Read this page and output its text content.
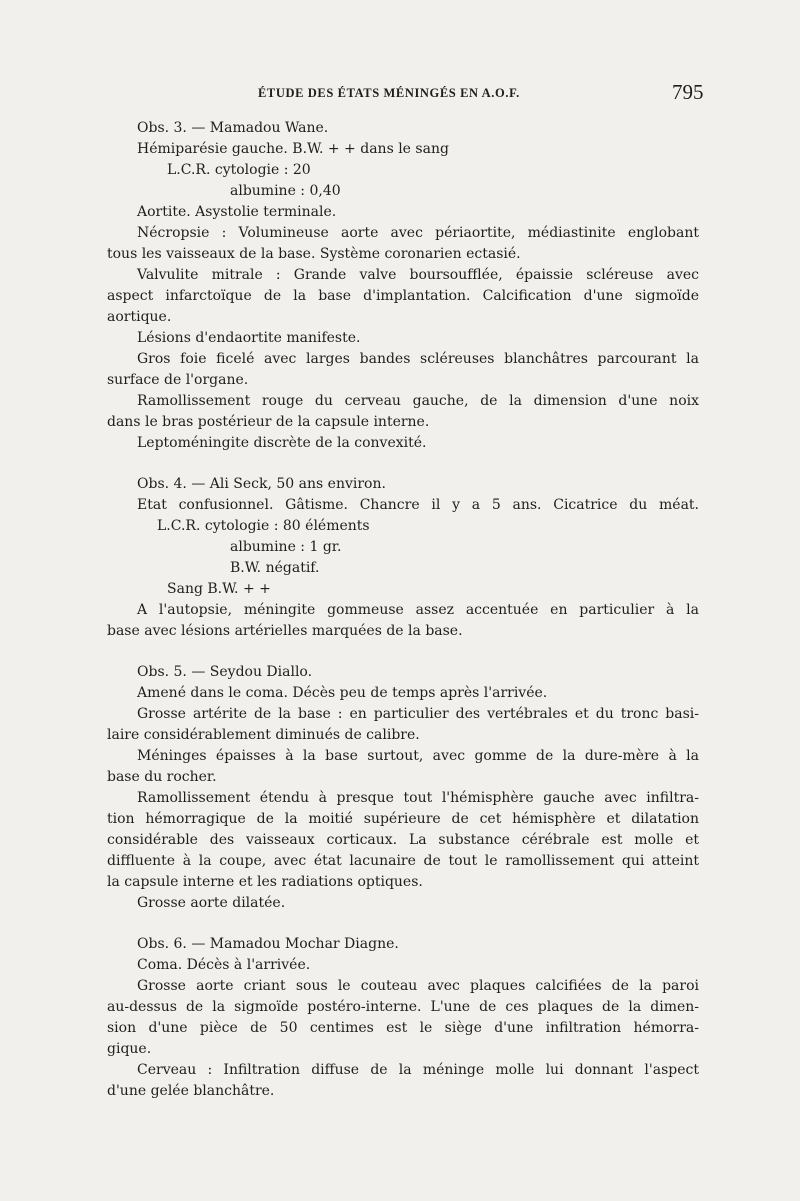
ÉTUDE DES ÉTATS MÉNINGÉS EN A.O.F.	795
Obs. 3. — Mamadou Wane.
Hémiparésie gauche. B.W. + + dans le sang
L.C.R. cytologie : 20
albumine : 0,40
Aortite. Asystolie terminale.
Nécropsie : Volumineuse aorte avec périaortite, médiastinite englobant
tous les vaisseaux de la base. Système coronarien ectasié.
Valvulite mitrale : Grande valve boursoufflée, épaissie scléreuse avec
aspect infarctoïque de la base d'implantation. Calcification d'une sigmoïde
aortique.
Lésions d'endaortite manifeste.
Gros foie ficelé avec larges bandes scléreuses blanchâtres parcourant la
surface de l'organe.
Ramollissement rouge du cerveau gauche, de la dimension d'une noix
dans le bras postérieur de la capsule interne.
Leptoméningite discrète de la convexité.
Obs. 4. — Ali Seck, 50 ans environ.
Etat confusionnel. Gâtisme. Chancre il y a 5 ans. Cicatrice du méat.
L.C.R. cytologie : 80 éléments
albumine : 1 gr.
B.W. négatif.
Sang B.W. + +
A l'autopsie, méningite gommeuse assez accentuée en particulier à la
base avec lésions artérielles marquées de la base.
Obs. 5. — Seydou Diallo.
Amené dans le coma. Décès peu de temps après l'arrivée.
Grosse artérite de la base : en particulier des vertébrales et du tronc basi-
laire considérablement diminués de calibre.
Méninges épaisses à la base surtout, avec gomme de la dure-mère à la
base du rocher.
Ramollissement étendu à presque tout l'hémisphère gauche avec infiltra-
tion hémorragique de la moitié supérieure de cet hémisphère et dilatation
considérable des vaisseaux corticaux. La substance cérébrale est molle et
diffluente à la coupe, avec état lacunaire de tout le ramollissement qui atteint
la capsule interne et les radiations optiques.
Grosse aorte dilatée.
Obs. 6. — Mamadou Mochar Diagne.
Coma. Décès à l'arrivée.
Grosse aorte criant sous le couteau avec plaques calcifiées de la paroi
au-dessus de la sigmoïde postéro-interne. L'une de ces plaques de la dimen-
sion d'une pièce de 50 centimes est le siège d'une infiltration hémorra-
gique.
Cerveau : Infiltration diffuse de la méninge molle lui donnant l'aspect
d'une gelée blanchâtre.
